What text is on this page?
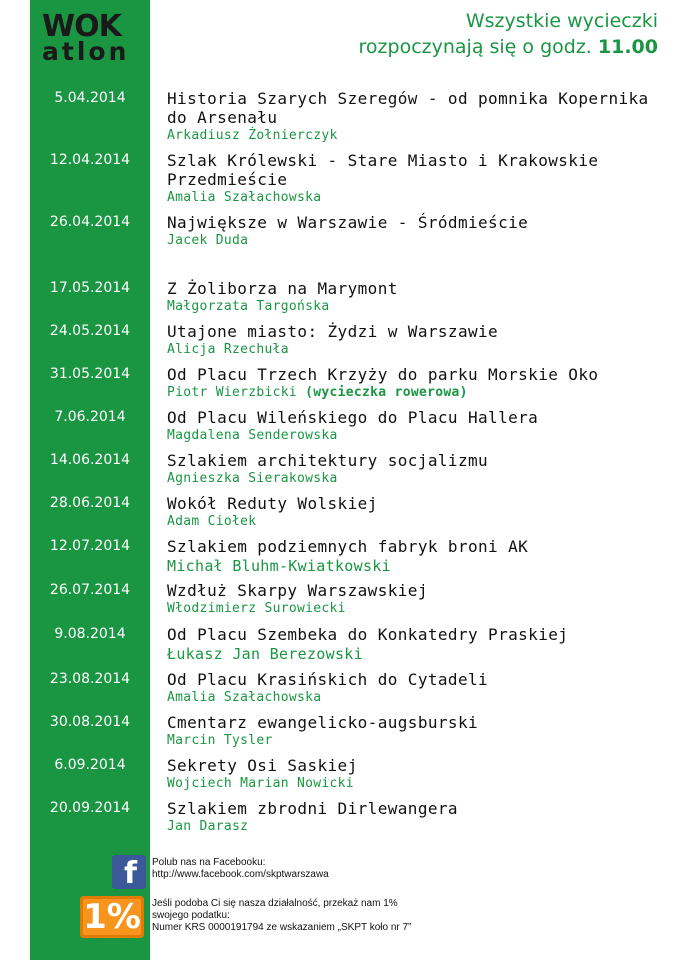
WOK
atlon
Wszystkie wycieczki
rozpoczynają się o godz. 11.00
5.04.2014	Historia Szarych Szeregów - od pomnika Kopernika do Arsenału
Arkadiusz Żołnierczyk
12.04.2014	Szlak Królewski - Stare Miasto i Krakowskie Przedmieście
Amalia Szałachowska
26.04.2014	Największe w Warszawie - Śródmieście
Jacek Duda
17.05.2014	Z Żoliborza na Marymont
Małgorzata Targońska
24.05.2014	Utajone miasto: Żydzi w Warszawie
Alicja Rzechuła
31.05.2014	Od Placu Trzech Krzyży do parku Morskie Oko
Piotr Wierzbicki (wycieczka rowerowa)
7.06.2014	Od Placu Wileńskiego do Placu Hallera
Magdalena Senderowska
14.06.2014	Szlakiem architektury socjalizmu
Agnieszka Sierakowska
28.06.2014	Wokół Reduty Wolskiej
Adam Ciołek
12.07.2014	Szlakiem podziemnych fabryk broni AK
Michał Bluhm-Kwiatkowski
26.07.2014	Wzdłuż Skarpy Warszawskiej
Włodzimierz Surowiecki
9.08.2014	Od Placu Szembeka do Konkatedry Praskiej
Łukasz Jan Berezowski
23.08.2014	Od Placu Krasińskich do Cytadeli
Amalia Szałachowska
30.08.2014	Cmentarz ewangelicko-augsburski
Marcin Tysler
6.09.2014	Sekrety Osi Saskiej
Wojciech Marian Nowicki
20.09.2014	Szlakiem zbrodni Dirlewangera
Jan Darasz
f Polub nas na Facebooku:
http://www.facebook.com/skptwarszawa
1%	Jeśli podoba Ci się nasza działalność, przekaż nam 1%
swojego podatku:
Numer KRS 0000191794 ze wskazaniem „SKPT koło nr 7”
